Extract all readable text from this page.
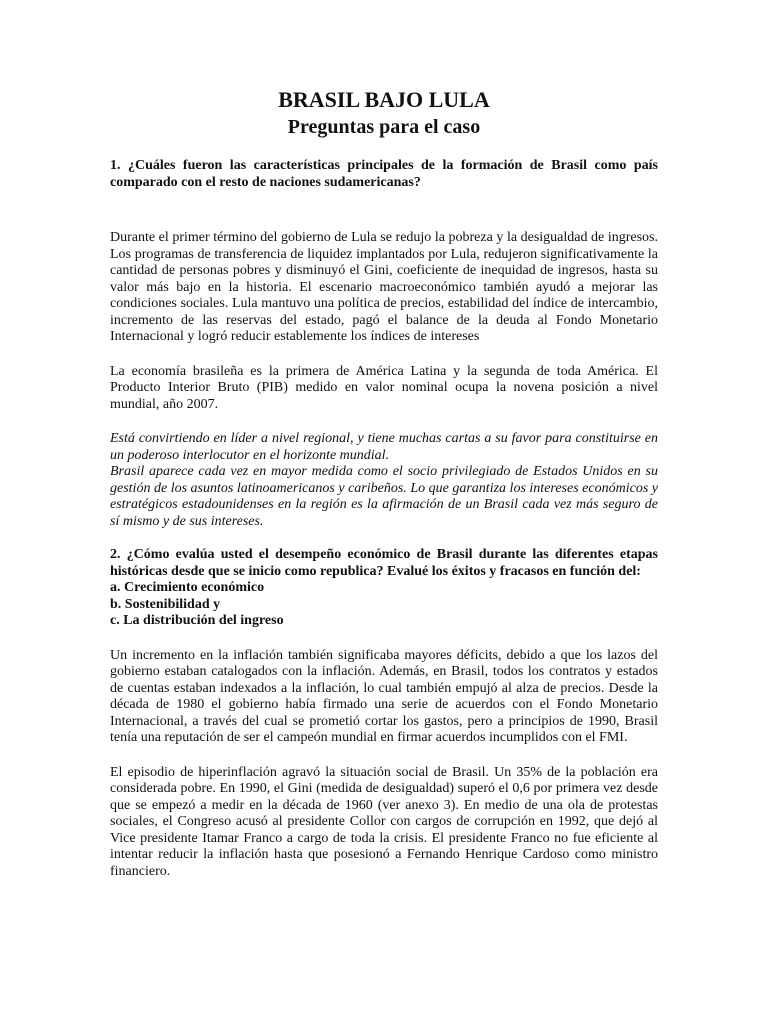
BRASIL BAJO LULA
Preguntas para el caso

1. ¿Cuáles fueron las características principales de la formación de Brasil como país comparado con el resto de naciones sudamericanas?

Durante el primer término del gobierno de Lula se redujo la pobreza y la desigualdad de ingresos. Los programas de transferencia de liquidez implantados por Lula, redujeron significativamente la cantidad de personas pobres y disminuyó el Gini, coeficiente de inequidad de ingresos, hasta su valor más bajo en la historia. El escenario macroeconómico también ayudó a mejorar las condiciones sociales. Lula mantuvo una política de precios, estabilidad del índice de intercambio, incremento de las reservas del estado, pagó el balance de la deuda al Fondo Monetario Internacional y logró reducir establemente los índices de intereses

La economía brasileña es la primera de América Latina y la segunda de toda América. El Producto Interior Bruto (PIB) medido en valor nominal ocupa la novena posición a nivel mundial, año 2007.

Está convirtiendo en líder a nivel regional, y tiene muchas cartas a su favor para constituirse en un poderoso interlocutor en el horizonte mundial.

Brasil aparece cada vez en mayor medida como el socio privilegiado de Estados Unidos en su gestión de los asuntos latinoamericanos y caribeños. Lo que garantiza los intereses económicos y estratégicos estadounidenses en la región es la afirmación de un Brasil cada vez más seguro de sí mismo y de sus intereses.

2. ¿Cómo evalúa usted el desempeño económico de Brasil durante las diferentes etapas históricas desde que se inicio como republica? Evalué los éxitos y fracasos en función del:

a. Crecimiento económico
b. Sostenibilidad y
c. La distribución del ingreso

Un incremento en la inflación también significaba mayores déficits, debido a que los lazos del gobierno estaban catalogados con la inflación. Además, en Brasil, todos los contratos y estados de cuentas estaban indexados a la inflación, lo cual también empujó al alza de precios. Desde la década de 1980 el gobierno había firmado una serie de acuerdos con el Fondo Monetario Internacional, a través del cual se prometió cortar los gastos, pero a principios de 1990, Brasil tenía una reputación de ser el campeón mundial en firmar acuerdos incumplidos con el FMI.

El episodio de hiperinflación agravó la situación social de Brasil. Un 35% de la población era considerada pobre. En 1990, el Gini (medida de desigualdad) superó el 0,6 por primera vez desde que se empezó a medir en la década de 1960 (ver anexo 3). En medio de una ola de protestas sociales, el Congreso acusó al presidente Collor con cargos de corrupción en 1992, que dejó al Vice presidente Itamar Franco a cargo de toda la crisis. El presidente Franco no fue eficiente al intentar reducir la inflación hasta que posesionó a Fernando Henrique Cardoso como ministro financiero.
